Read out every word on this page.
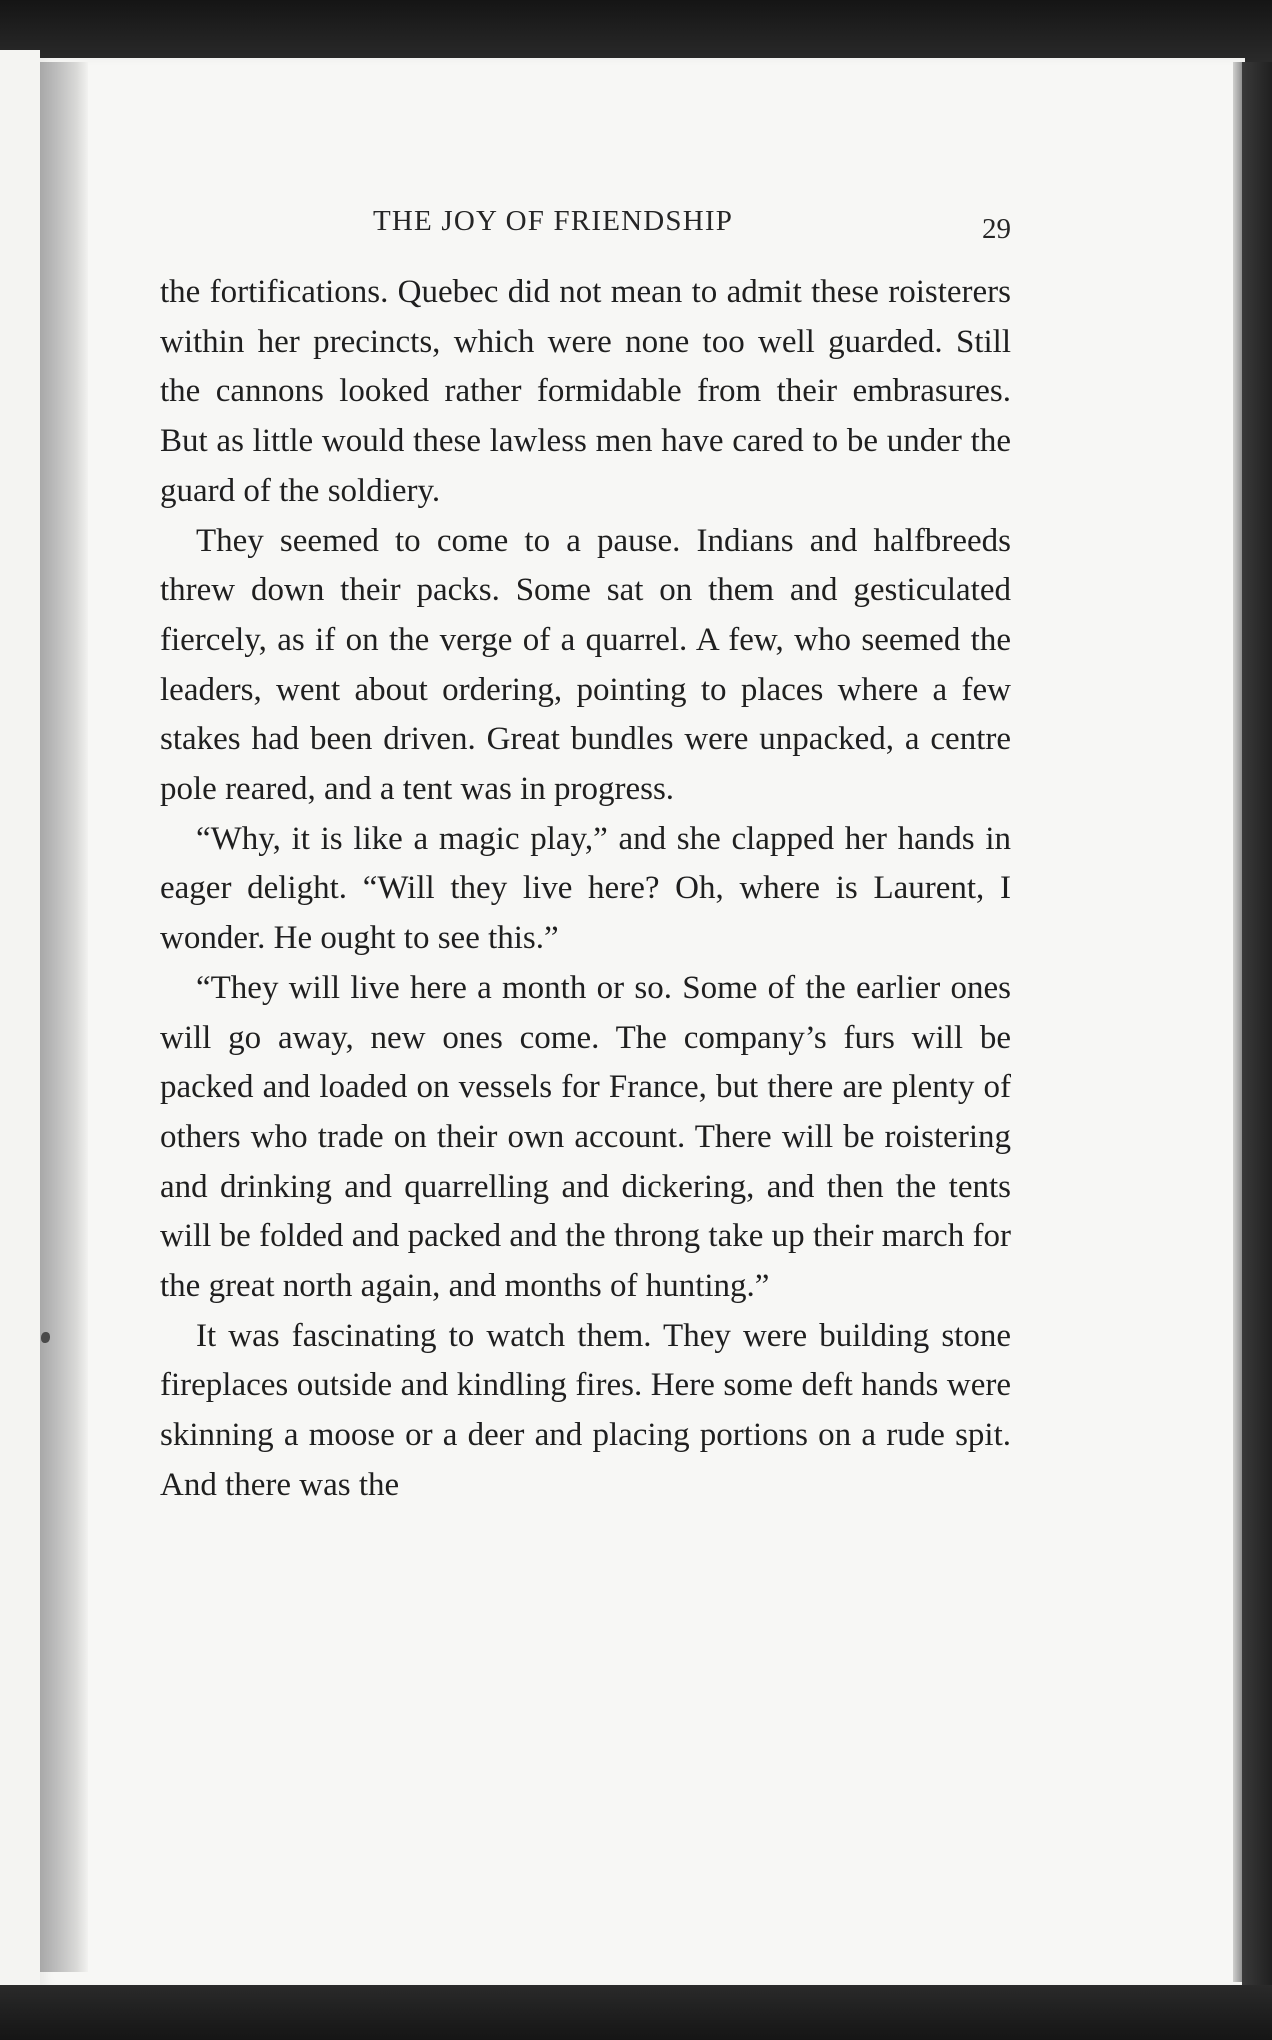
THE JOY OF FRIENDSHIP	29

the fortifications. Quebec did not mean to admit these roisterers within her precincts, which were none too well guarded. Still the cannons looked rather formidable from their embrasures. But as little would these lawless men have cared to be under the guard of the soldiery.

They seemed to come to a pause. Indians and halfbreeds threw down their packs. Some sat on them and gesticulated fiercely, as if on the verge of a quarrel. A few, who seemed the leaders, went about ordering, pointing to places where a few stakes had been driven. Great bundles were unpacked, a centre pole reared, and a tent was in progress.

“Why, it is like a magic play,” and she clapped her hands in eager delight. “Will they live here? Oh, where is Laurent, I wonder. He ought to see this.”

“They will live here a month or so. Some of the earlier ones will go away, new ones come. The company’s furs will be packed and loaded on vessels for France, but there are plenty of others who trade on their own account. There will be roistering and drinking and quarrelling and dickering, and then the tents will be folded and packed and the throng take up their march for the great north again, and months of hunting.”

It was fascinating to watch them. They were building stone fireplaces outside and kindling fires. Here some deft hands were skinning a moose or a deer and placing portions on a rude spit. And there was the
